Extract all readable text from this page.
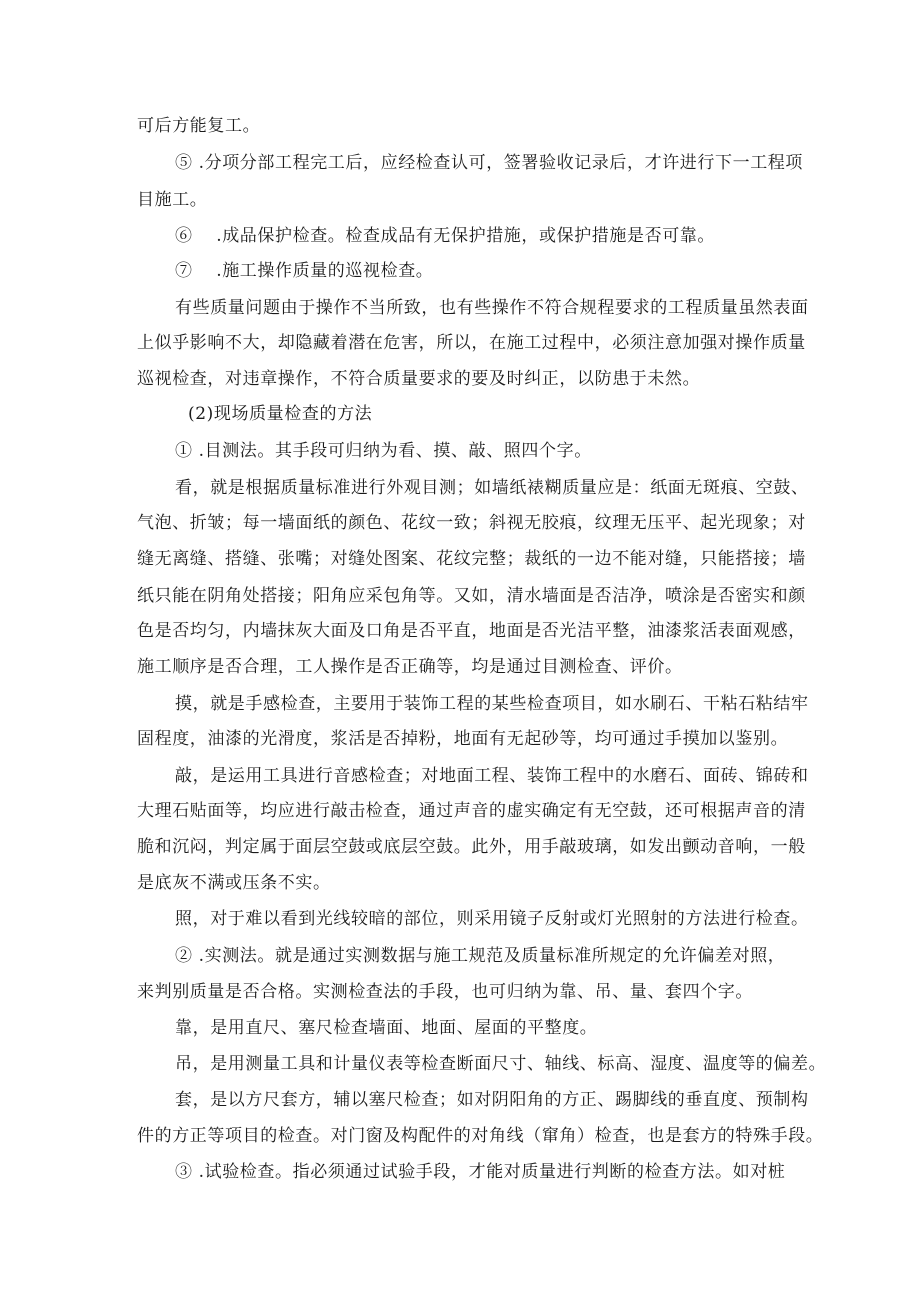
可后方能复工。
⑤ .分项分部工程完工后，应经检查认可，签署验收记录后，才许进行下一工程项
目施工。
⑥　 .成品保护检查。检查成品有无保护措施，或保护措施是否可靠。
⑦　 .施工操作质量的巡视检查。
有些质量问题由于操作不当所致，也有些操作不符合规程要求的工程质量虽然表面
上似乎影响不大，却隐藏着潜在危害，所以，在施工过程中，必须注意加强对操作质量
巡视检查，对违章操作，不符合质量要求的要及时纠正，以防患于未然。
(2)现场质量检查的方法
① .目测法。其手段可归纳为看、摸、敲、照四个字。
看，就是根据质量标准进行外观目测；如墙纸裱糊质量应是：纸面无斑痕、空鼓、
气泡、折皱；每一墙面纸的颜色、花纹一致；斜视无胶痕，纹理无压平、起光现象；对
缝无离缝、搭缝、张嘴；对缝处图案、花纹完整；裁纸的一边不能对缝，只能搭接；墙
纸只能在阴角处搭接；阳角应采包角等。又如，清水墙面是否洁净，喷涂是否密实和颜
色是否均匀，内墙抹灰大面及口角是否平直，地面是否光洁平整，油漆浆活表面观感，
施工顺序是否合理，工人操作是否正确等，均是通过目测检查、评价。
摸，就是手感检查，主要用于装饰工程的某些检查项目，如水刷石、干粘石粘结牢
固程度，油漆的光滑度，浆活是否掉粉，地面有无起砂等，均可通过手摸加以鉴别。
敲，是运用工具进行音感检查；对地面工程、装饰工程中的水磨石、面砖、锦砖和
大理石贴面等，均应进行敲击检查，通过声音的虚实确定有无空鼓，还可根据声音的清
脆和沉闷，判定属于面层空鼓或底层空鼓。此外，用手敲玻璃，如发出颤动音响，一般
是底灰不满或压条不实。
照，对于难以看到光线较暗的部位，则采用镜子反射或灯光照射的方法进行检查。
② .实测法。就是通过实测数据与施工规范及质量标准所规定的允许偏差对照，
来判别质量是否合格。实测检查法的手段，也可归纳为靠、吊、量、套四个字。
靠，是用直尺、塞尺检查墙面、地面、屋面的平整度。
吊，是用测量工具和计量仪表等检查断面尺寸、轴线、标高、湿度、温度等的偏差。
套，是以方尺套方，辅以塞尺检查；如对阴阳角的方正、踢脚线的垂直度、预制构
件的方正等项目的检查。对门窗及构配件的对角线（窜角）检查，也是套方的特殊手段。
③ .试验检查。指必须通过试验手段，才能对质量进行判断的检查方法。如对桩
